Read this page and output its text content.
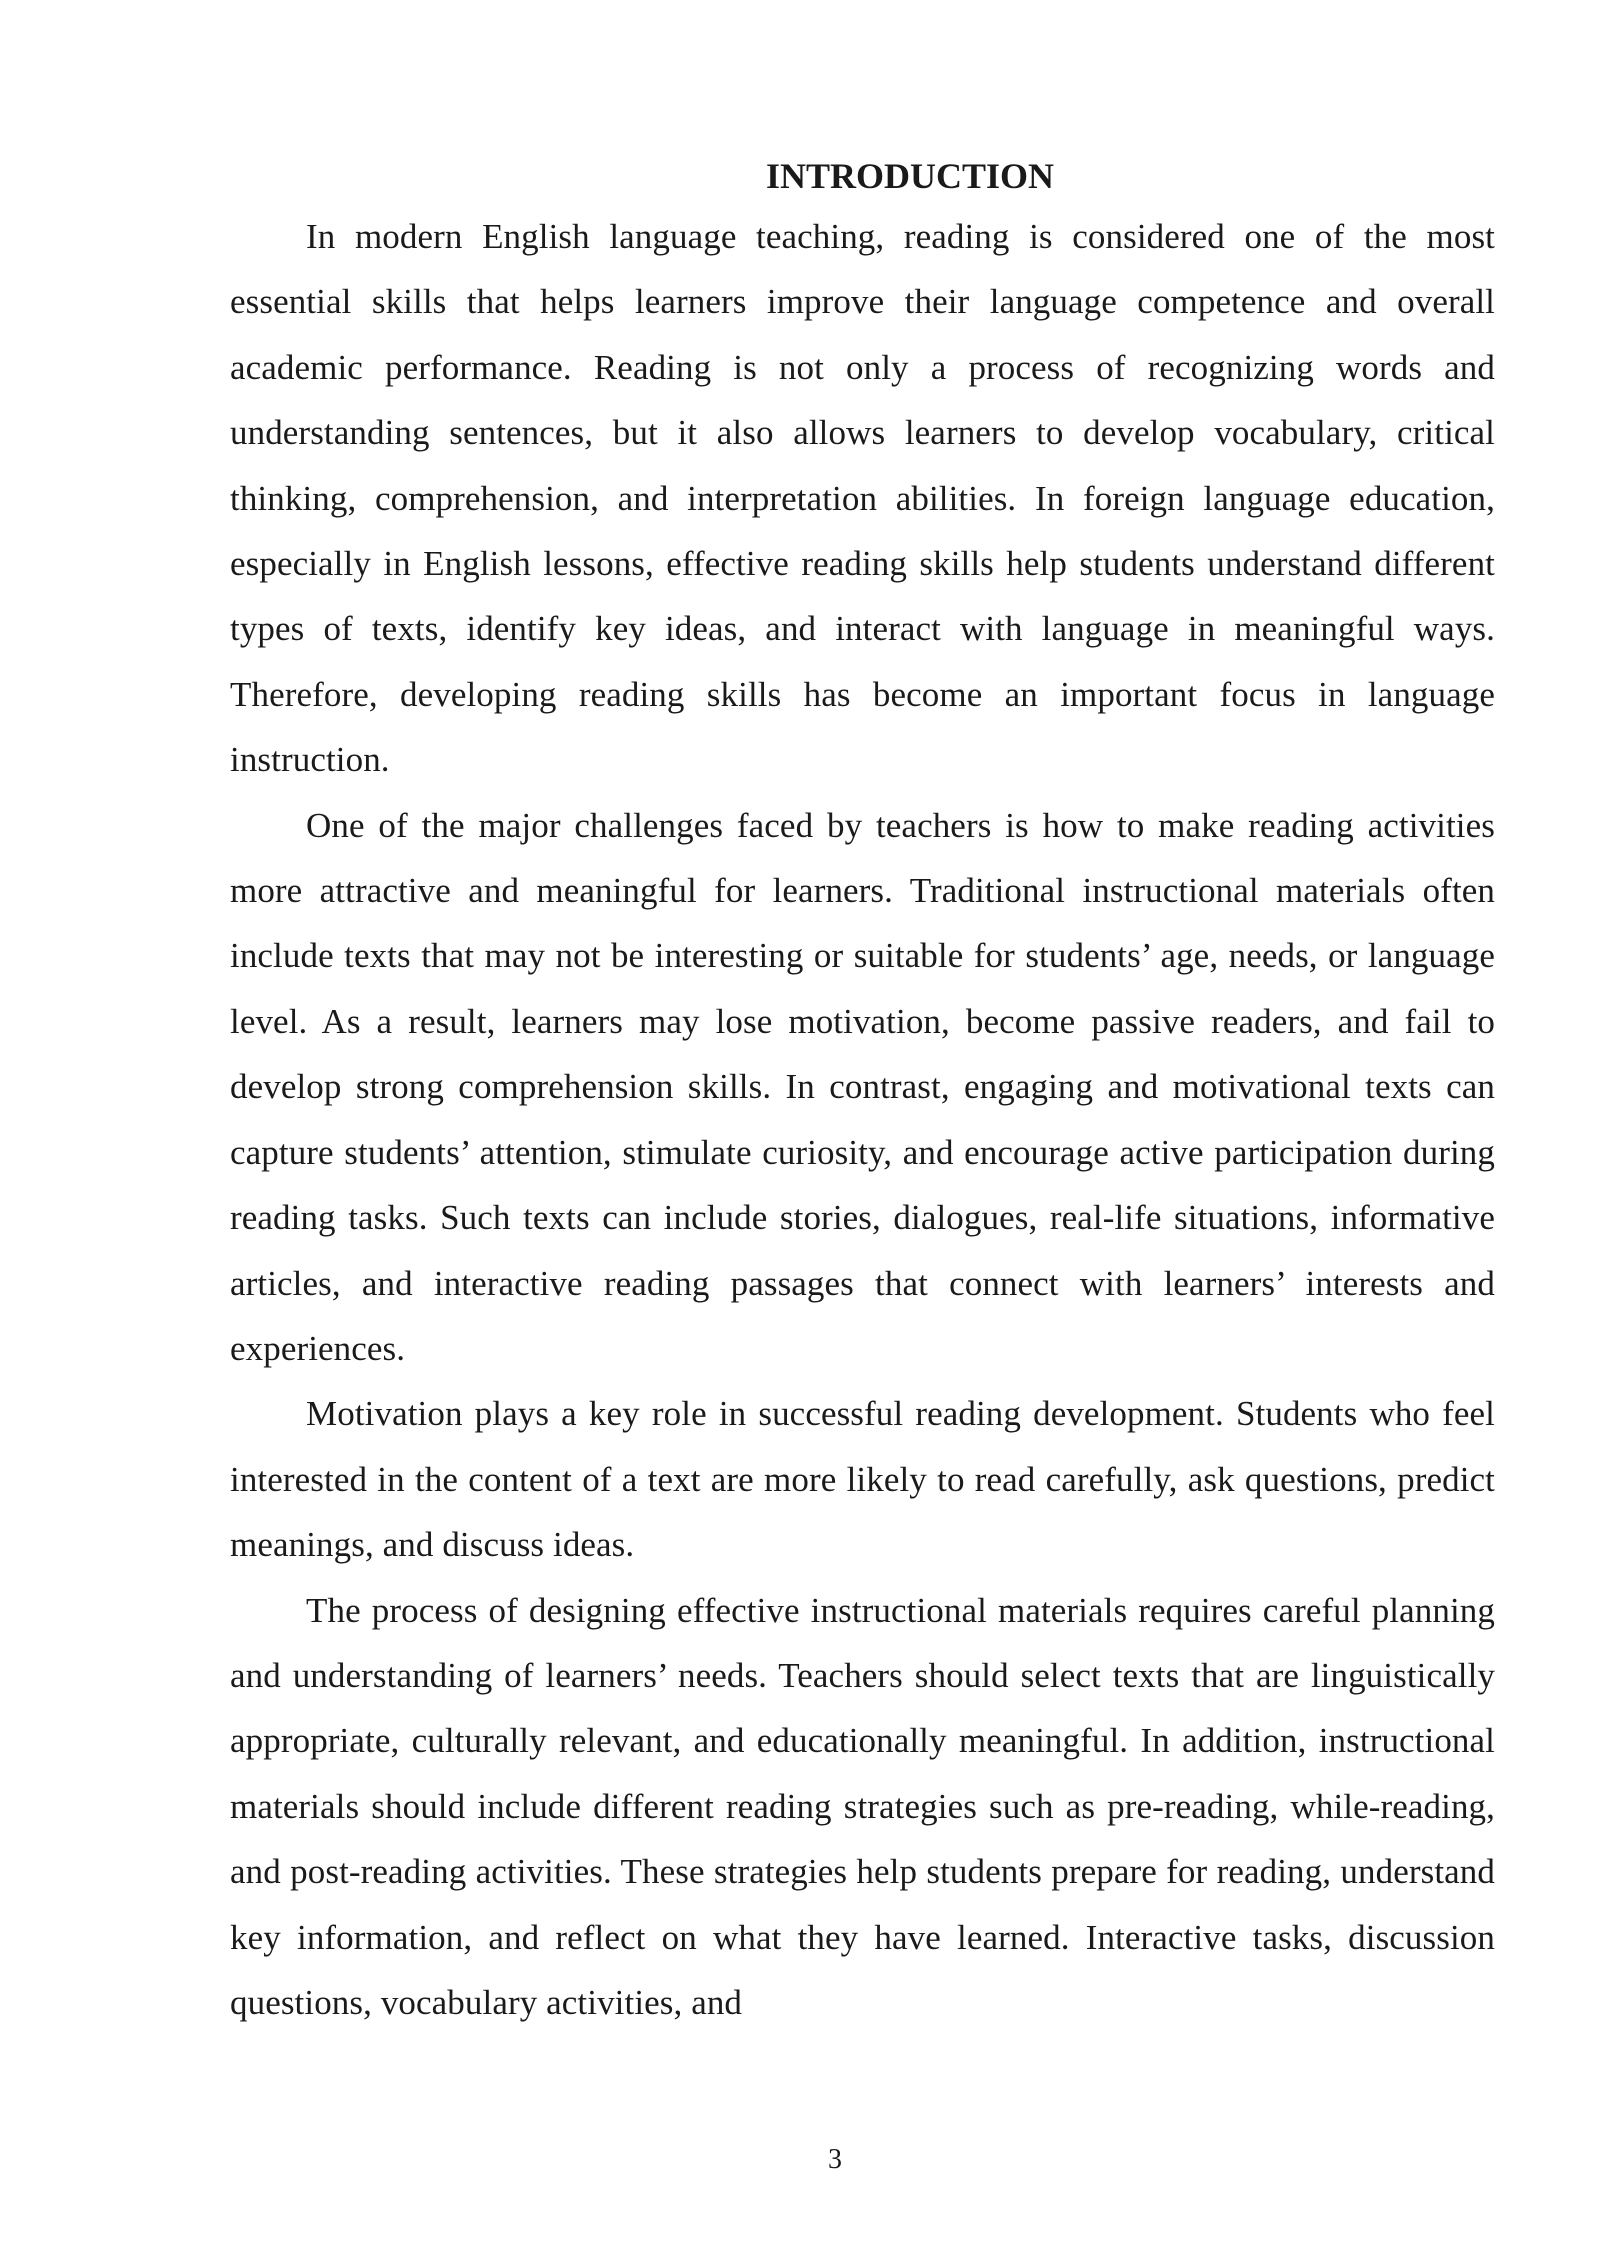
INTRODUCTION

In modern English language teaching, reading is considered one of the most essential skills that helps learners improve their language competence and overall academic performance. Reading is not only a process of recognizing words and understanding sentences, but it also allows learners to develop vocabulary, critical thinking, comprehension, and interpretation abilities. In foreign language education, especially in English lessons, effective reading skills help students understand different types of texts, identify key ideas, and interact with language in meaningful ways. Therefore, developing reading skills has become an important focus in language instruction.

One of the major challenges faced by teachers is how to make reading activities more attractive and meaningful for learners. Traditional instructional materials often include texts that may not be interesting or suitable for students’ age, needs, or language level. As a result, learners may lose motivation, become passive readers, and fail to develop strong comprehension skills. In contrast, engaging and motivational texts can capture students’ attention, stimulate curiosity, and encourage active participation during reading tasks. Such texts can include stories, dialogues, real-life situations, informative articles, and interactive reading passages that connect with learners’ interests and experiences.

Motivation plays a key role in successful reading development. Students who feel interested in the content of a text are more likely to read carefully, ask questions, predict meanings, and discuss ideas.

The process of designing effective instructional materials requires careful planning and understanding of learners’ needs. Teachers should select texts that are linguistically appropriate, culturally relevant, and educationally meaningful. In addition, instructional materials should include different reading strategies such as pre-reading, while-reading, and post-reading activities. These strategies help students prepare for reading, understand key information, and reflect on what they have learned. Interactive tasks, discussion questions, vocabulary activities, and

3
